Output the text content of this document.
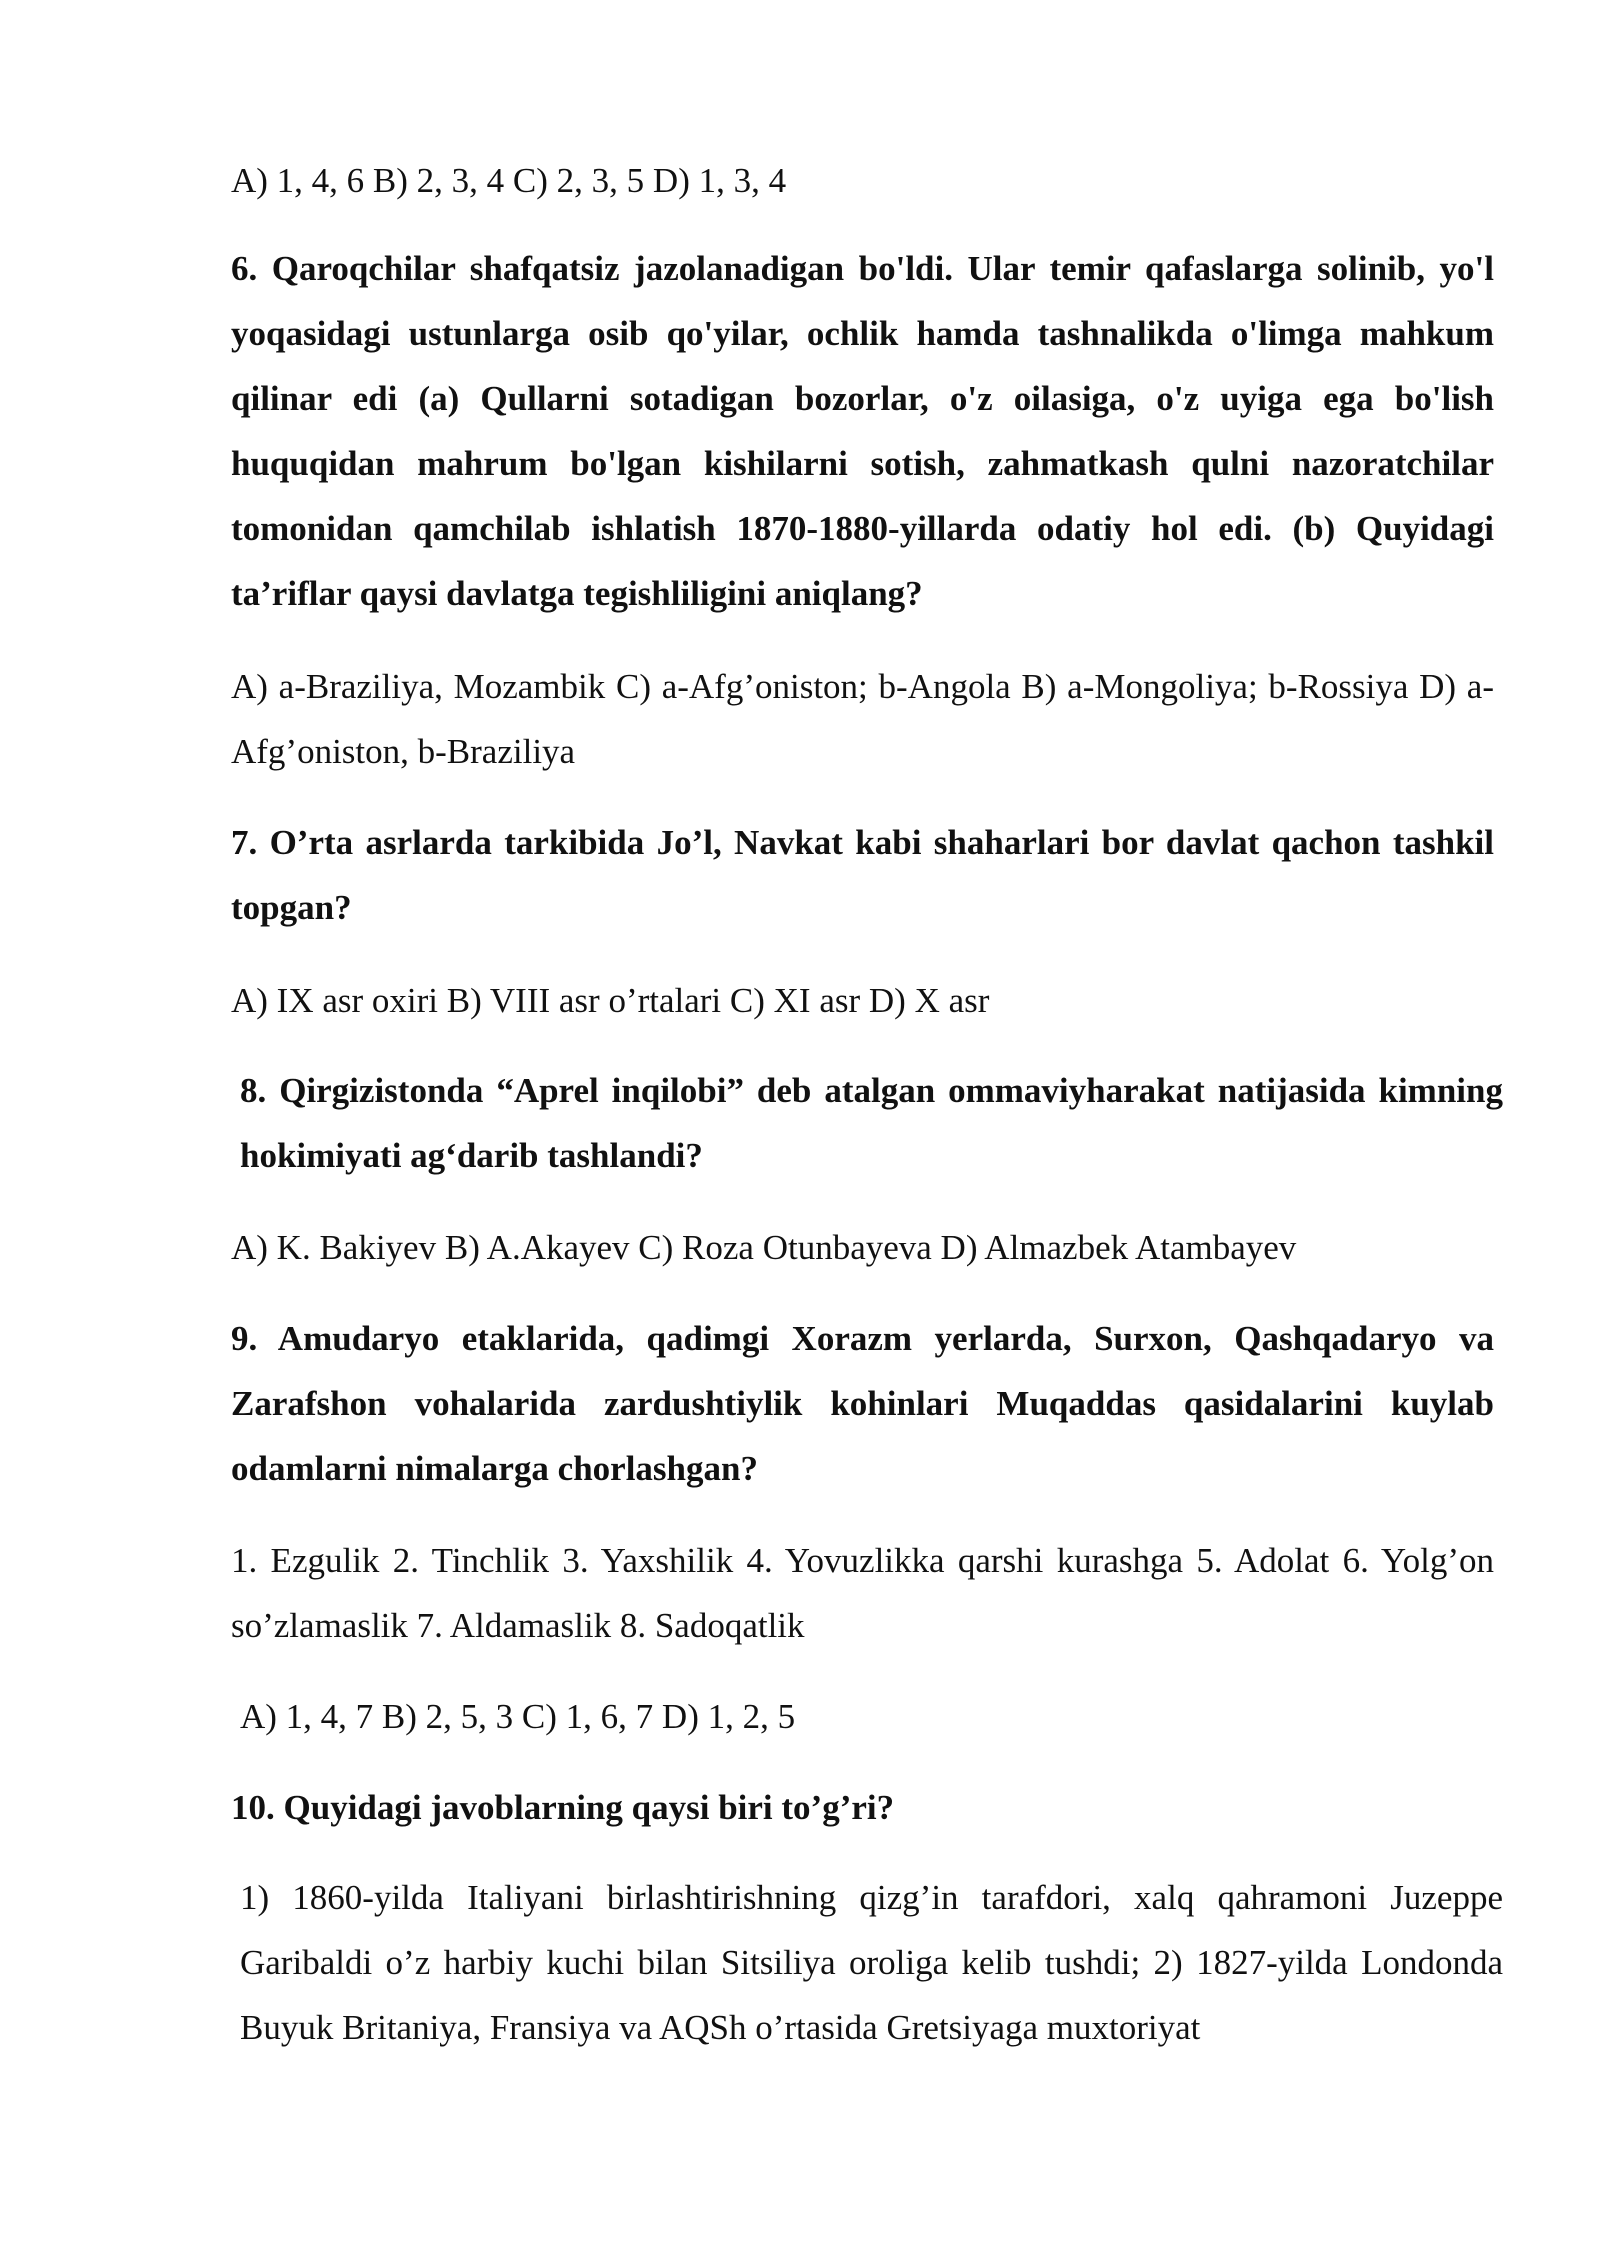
A) 1, 4, 6 B) 2, 3, 4 C) 2, 3, 5 D) 1, 3, 4

6. Qaroqchilar shafqatsiz jazolanadigan bo'ldi. Ular temir qafaslarga solinib, yo'l yoqasidagi ustunlarga osib qo'yilar, ochlik hamda tashnalikda o'limga mahkum qilinar edi (a) Qullarni sotadigan bozorlar, o'z oilasiga, o'z uyiga ega bo'lish huquqidan mahrum bo'lgan kishilarni sotish, zahmatkash qulni nazoratchilar tomonidan qamchilab ishlatish 1870-1880-yillarda odatiy hol edi. (b) Quyidagi ta’riflar qaysi davlatga tegishliligini aniqlang?

A) a-Braziliya, Mozambik C) a-Afg’oniston; b-Angola B) a-Mongoliya; b-Rossiya D) a-Afg’oniston, b-Braziliya

7. O’rta asrlarda tarkibida Jo’l, Navkat kabi shaharlari bor davlat qachon tashkil topgan?

A) IX asr oxiri B) VIII asr o’rtalari C) XI asr D) X asr

8. Qirgizistonda “Aprel inqilobi” deb atalgan ommaviyharakat natijasida kimning hokimiyati ag‘darib tashlandi?

A) K. Bakiyev B) A.Akayev C) Roza Otunbayeva D) Almazbek Atambayev

9. Amudaryo etaklarida, qadimgi Xorazm yerlarda, Surxon, Qashqadaryo va Zarafshon vohalarida zardushtiylik kohinlari Muqaddas qasidalarini kuylab odamlarni nimalarga chorlashgan?

1. Ezgulik 2. Tinchlik 3. Yaxshilik 4. Yovuzlikka qarshi kurashga 5. Adolat 6. Yolg’on so’zlamaslik 7. Aldamaslik 8. Sadoqatlik

A) 1, 4, 7 B) 2, 5, 3 C) 1, 6, 7 D) 1, 2, 5

10. Quyidagi javoblarning qaysi biri to’g’ri?

1) 1860-yilda Italiyani birlashtirishning qizg’in tarafdori, xalq qahramoni Juzeppe Garibaldi o’z harbiy kuchi bilan Sitsiliya oroliga kelib tushdi; 2) 1827-yilda Londonda Buyuk Britaniya, Fransiya va AQSh o’rtasida Gretsiyaga muxtoriyat
